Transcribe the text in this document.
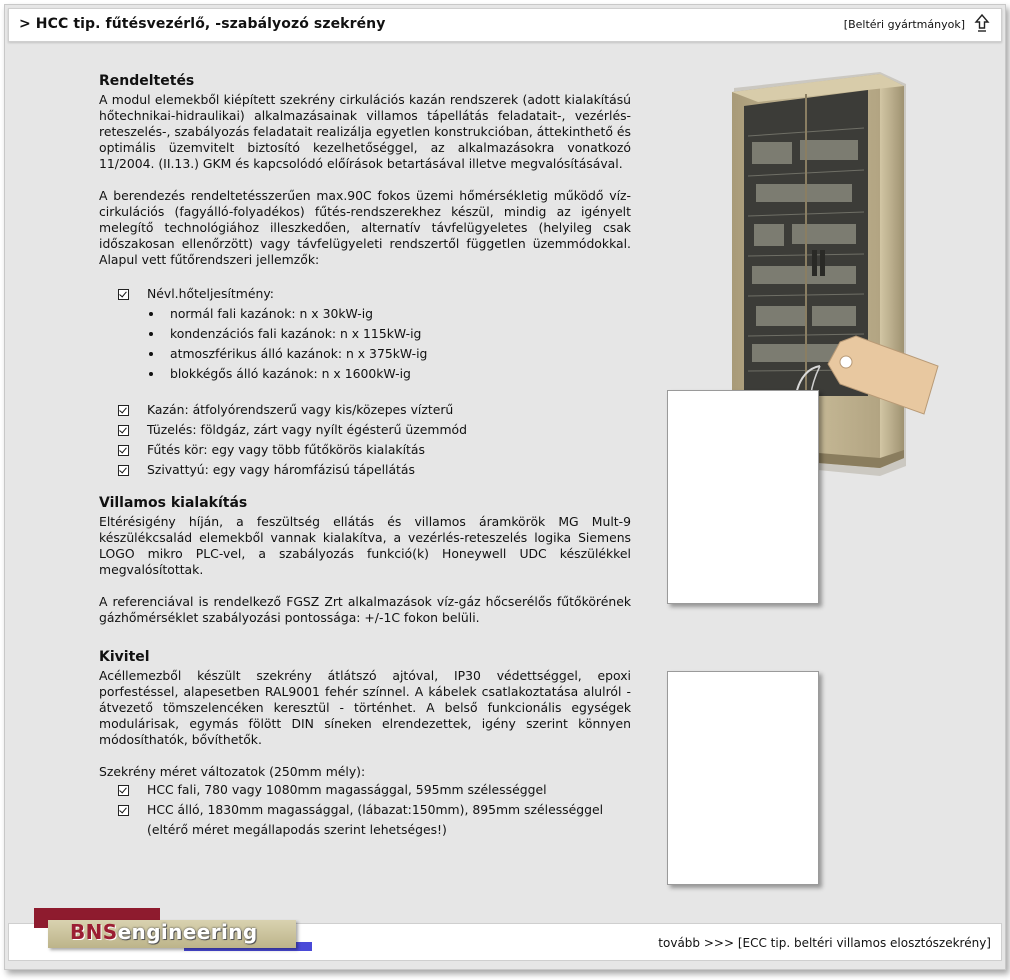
> HCC tip. fűtésvezérlő, -szabályozó szekrény	[Beltéri gyártmányok]
Rendeltetés

A modul elemekből kiépített szekrény cirkulációs kazán rendszerek (adott kialakítású hőtechnikai-hidraulikai) alkalmazásainak villamos tápellátás feladatait-, vezérlés-reteszelés-, szabályozás feladatait realizálja egyetlen konstrukcióban, áttekinthető és optimális üzemvitelt biztosító kezelhetőséggel, az alkalmazásokra vonatkozó 11/2004. (II.13.) GKM és kapcsolódó előírások betartásával illetve megvalósításával.

A berendezés rendeltetésszerűen max.90C fokos üzemi hőmérsékletig működő víz-cirkulációs (fagyálló-folyadékos) fűtés-rendszerekhez készül, mindig az igényelt melegítő technológiához illeszkedően, alternatív távfelügyeletes (helyileg csak időszakosan ellenőrzött) vagy távfelügyeleti rendszertől független üzemmódokkal. Alapul vett fűtőrendszeri jellemzők:

Névl.hőteljesítmény:
normál fali kazánok: n x 30kW-ig
kondenzációs fali kazánok: n x 115kW-ig
atmoszférikus álló kazánok: n x 375kW-ig
blokkégős álló kazánok: n x 1600kW-ig
Kazán: átfolyórendszerű vagy kis/közepes vízterű
Tüzelés: földgáz, zárt vagy nyílt égésterű üzemmód
Fűtés kör: egy vagy több fűtőkörös kialakítás
Szivattyú: egy vagy háromfázisú tápellátás
Villamos kialakítás

Eltérésigény híján, a feszültség ellátás és villamos áramkörök MG Mult-9 készülékcsalád elemekből vannak kialakítva, a vezérlés-reteszelés logika Siemens LOGO mikro PLC-vel, a szabályozás funkció(k) Honeywell UDC készülékkel megvalósítottak.

A referenciával is rendelkező FGSZ Zrt alkalmazások víz-gáz hőcserélős fűtőkörének gázhőmérséklet szabályozási pontossága: +/-1C fokon belüli.

Kivitel

Acéllemezből készült szekrény átlátszó ajtóval, IP30 védettséggel, epoxi porfestéssel, alapesetben RAL9001 fehér színnel. A kábelek csatlakoztatása alulról - átvezető tömszelencéken keresztül - történhet. A belső funkcionális egységek modulárisak, egymás fölött DIN síneken elrendezettek, igény szerint könnyen módosíthatók, bővíthetők.

Szekrény méret változatok (250mm mély):

HCC fali, 780 vagy 1080mm magassággal, 595mm szélességgel
HCC álló, 1830mm magassággal, (lábazat:150mm), 895mm szélességgel
(eltérő méret megállapodás szerint lehetséges!)
tovább >>> [ECC tip. beltéri villamos elosztószekrény]
BNSengineering
